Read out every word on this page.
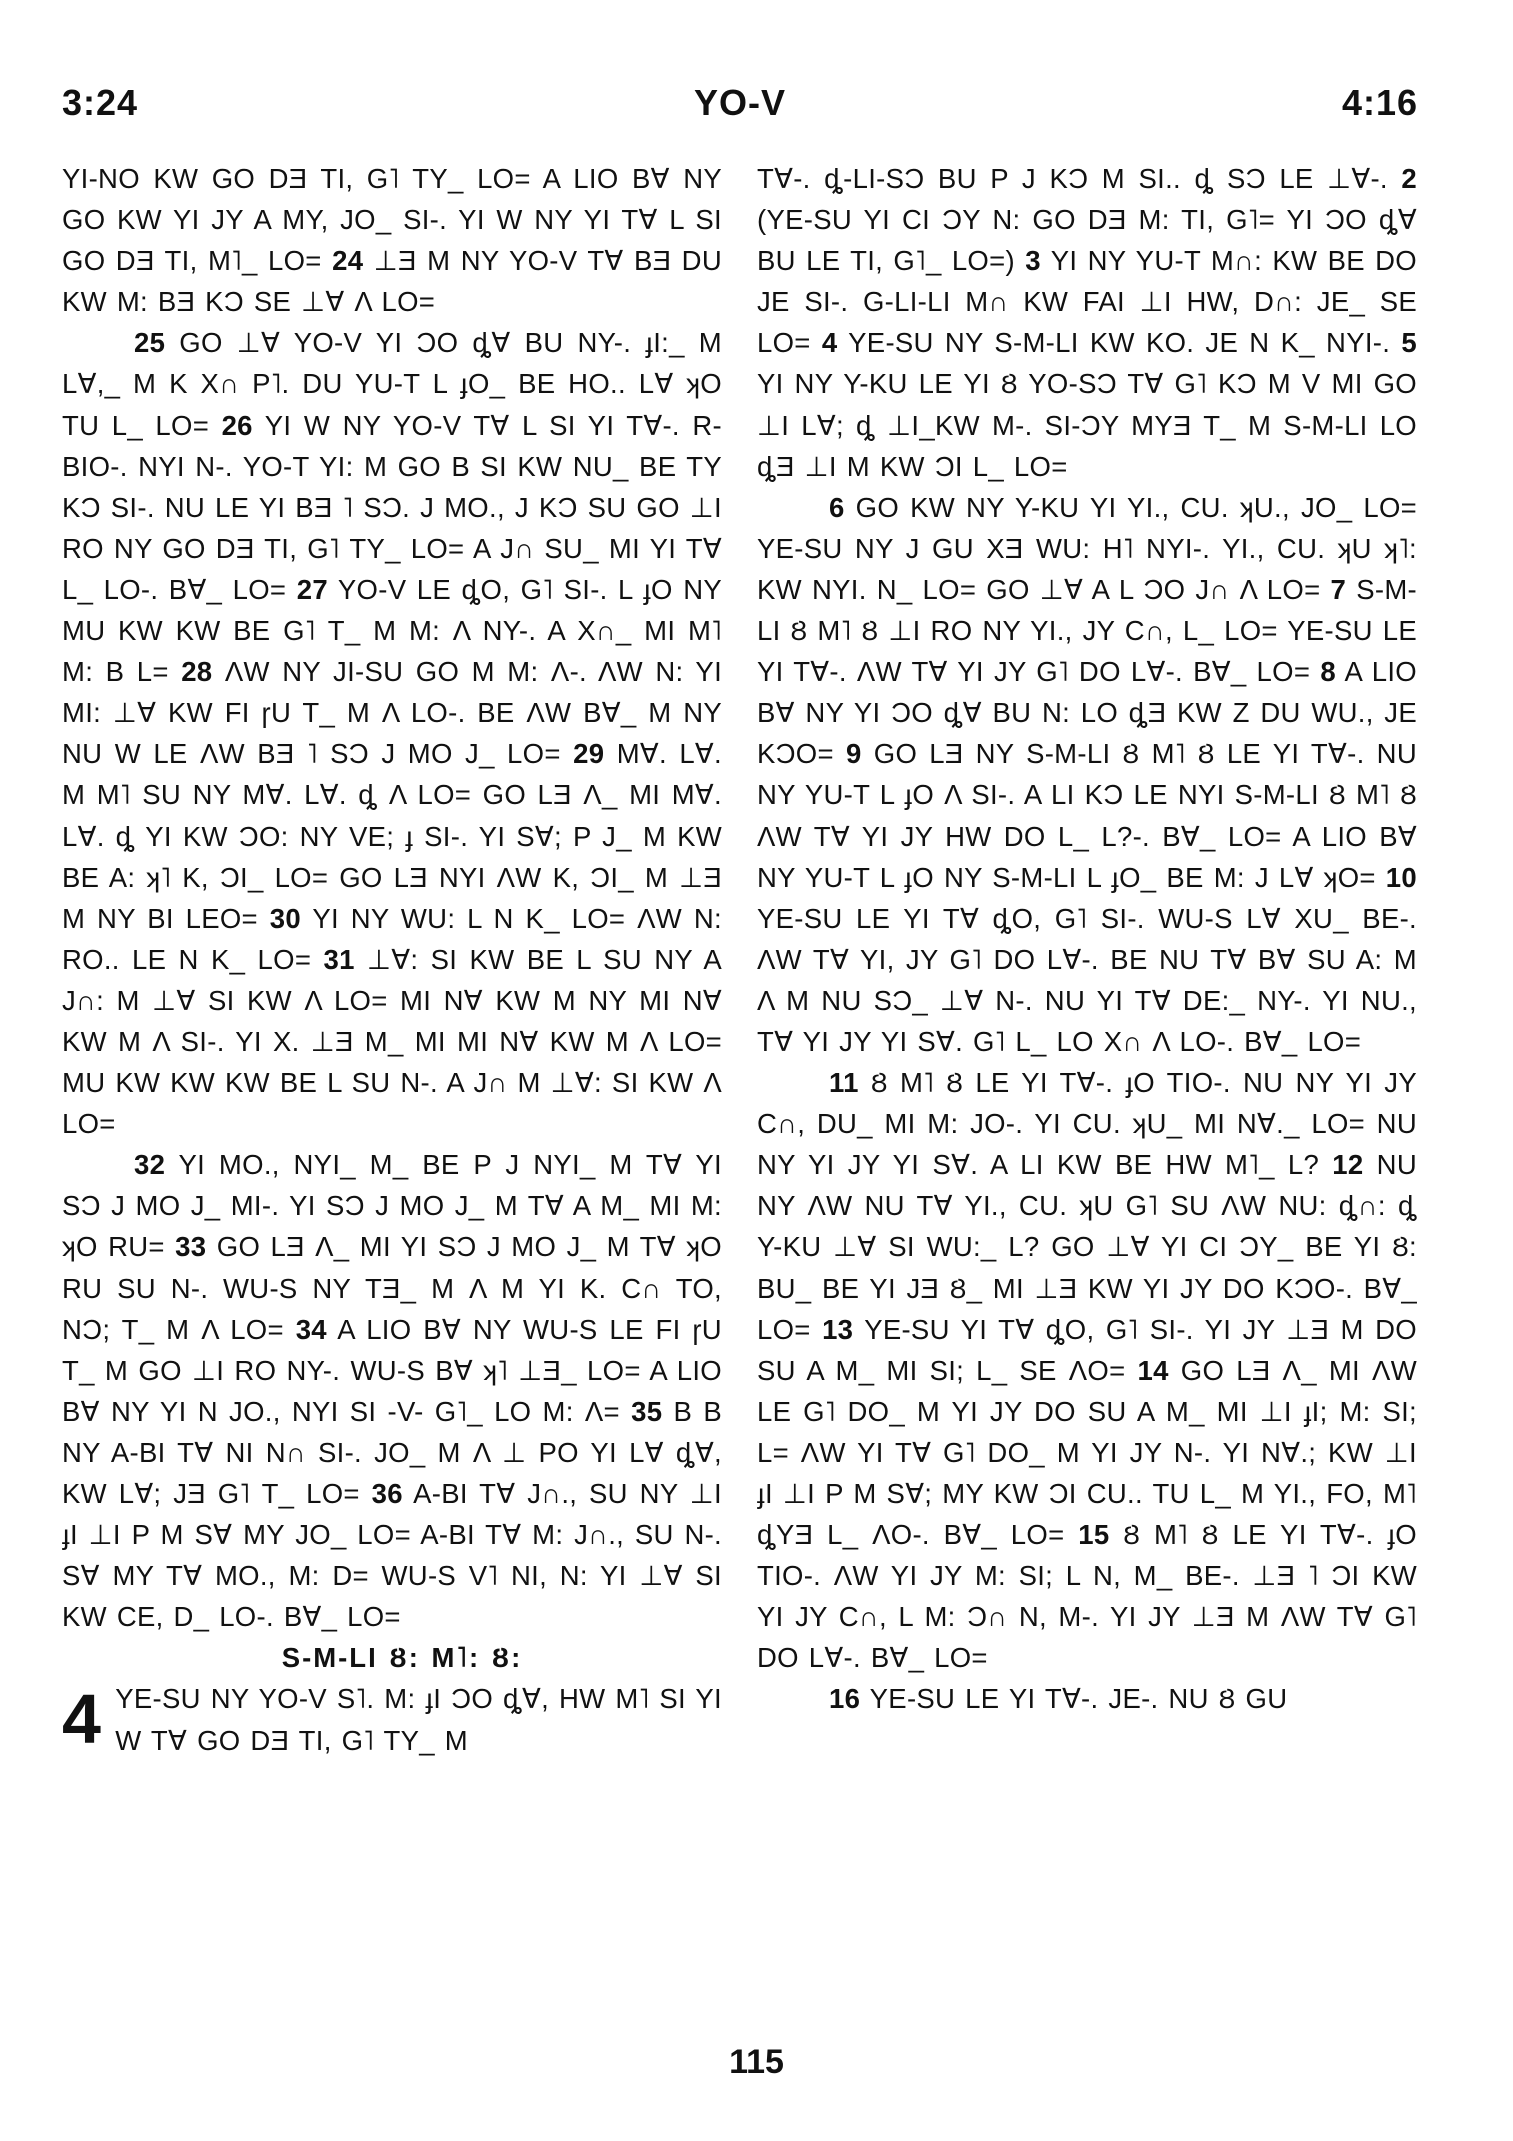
3:24	YO-V	4:16

YI-NO KW GO DƎ TI, G˥ TY_ LO= A LIO B∀ NY GO KW YI JY A MY, JO_ SI-. YI W NY YI T∀ L SI GO DƎ TI, M˥_ LO= 24 ⊥Ǝ M NY YO-V T∀ BƎ DU KW M: BƎ KƆ SE ⊥∀ Λ LO=

25 GO ⊥∀ YO-V YI ƆO ȡ∀ BU NY-. ɟI:_ M L∀,_ M K X∩ P˥. DU YU-T L ɟO_ BE HO.. L∀ ʞO TU L_ LO= 26 YI W NY YO-V T∀ L SI YI T∀-. R-BIO-. NYI N-. YO-T YI: M GO B SI KW NU_ BE TY KƆ SI-. NU LE YI BƎ ˥ SƆ. J MO., J KƆ SU GO ⊥I RO NY GO DƎ TI, G˥ TY_ LO= A J∩ SU_ MI YI T∀ L_ LO-. B∀_ LO= 27 YO-V LE ȡO, G˥ SI-. L ɟO NY MU KW KW BE G˥ T_ M M: Λ NY-. A X∩_ MI M˥ M: B L= 28 ΛW NY JI-SU GO M M: Λ-. ΛW N: YI MI: ⊥∀ KW FI ɼU T_ M Λ LO-. BE ΛW B∀_ M NY NU W LE ΛW BƎ ˥ SƆ J MO J_ LO= 29 M∀. L∀. M M˥ SU NY M∀. L∀. ȡ Λ LO= GO LƎ Λ_ MI M∀. L∀. ȡ YI KW ƆO: NY VE; ɟ SI-. YI S∀; P J_ M KW BE A: ʞ˥ K, ƆI_ LO= GO LƎ NYI ΛW K, ƆI_ M ⊥Ǝ M NY BI LEO= 30 YI NY WU: L N K_ LO= ΛW N: RO.. LE N K_ LO= 31 ⊥∀: SI KW BE L SU NY A J∩: M ⊥∀ SI KW Λ LO= MI N∀ KW M NY MI N∀ KW M Λ SI-. YI X. ⊥Ǝ M_ MI MI N∀ KW M Λ LO= MU KW KW KW BE L SU N-. A J∩ M ⊥∀: SI KW Λ LO=

32 YI MO., NYI_ M_ BE P J NYI_ M T∀ YI SƆ J MO J_ MI-. YI SƆ J MO J_ M T∀ A M_ MI M: ʞO RU= 33 GO LƎ Λ_ MI YI SƆ J MO J_ M T∀ ʞO RU SU N-. WU-S NY TƎ_ M Λ M YI K. C∩ TO, NƆ; T_ M Λ LO= 34 A LIO B∀ NY WU-S LE FI ɼU T_ M GO ⊥I RO NY-. WU-S B∀ ʞ˥ ⊥Ǝ_ LO= A LIO B∀ NY YI N JO., NYI SI -V- G˥_ LO M: Λ= 35 B B NY A-BI T∀ NI N∩ SI-. JO_ M Λ ⊥ PO YI L∀ ȡ∀, KW L∀; JƎ G˥ T_ LO= 36 A-BI T∀ J∩., SU NY ⊥I ɟI ⊥I P M S∀ MY JO_ LO= A-BI T∀ M: J∩., SU N-. S∀ MY T∀ MO., M: D= WU-S V˥ NI, N: YI ⊥∀ SI KW CE, D_ LO-. B∀_ LO=

S-M-LI Ȣ: M˥: Ȣ:

4 YE-SU NY YO-V S˥. M: ɟI ƆO ȡ∀, HW M˥ SI YI W T∀ GO DƎ TI, G˥ TY_ M

T∀-. ȡ-LI-SƆ BU P J KƆ M SI.. ȡ SƆ LE ⊥∀-. 2 (YE-SU YI CI ƆY N: GO DƎ M: TI, G˥= YI ƆO ȡ∀ BU LE TI, G˥_ LO=) 3 YI NY YU-T M∩: KW BE DO JE SI-. G-LI-LI M∩ KW FAI ⊥I HW, D∩: JE_ SE LO= 4 YE-SU NY S-M-LI KW KO. JE N K_ NYI-. 5 YI NY Y-KU LE YI Ȣ YO-SƆ T∀ G˥ KƆ M V MI GO ⊥I L∀; ȡ ⊥I_KW M-. SI-ƆY MYƎ T_ M S-M-LI LO ȡƎ ⊥I M KW ƆI L_ LO=

6 GO KW NY Y-KU YI YI., CU. ʞU., JO_ LO= YE-SU NY J GU XƎ WU: H˥ NYI-. YI., CU. ʞU ʞ˥: KW NYI. N_ LO= GO ⊥∀ A L ƆO J∩ Λ LO= 7 S-M-LI Ȣ M˥ Ȣ ⊥I RO NY YI., JY C∩, L_ LO= YE-SU LE YI T∀-. ΛW T∀ YI JY G˥ DO L∀-. B∀_ LO= 8 A LIO B∀ NY YI ƆO ȡ∀ BU N: LO ȡƎ KW Z DU WU., JE KƆO= 9 GO LƎ NY S-M-LI Ȣ M˥ Ȣ LE YI T∀-. NU NY YU-T L ɟO Λ SI-. A LI KƆ LE NYI S-M-LI Ȣ M˥ Ȣ ΛW T∀ YI JY HW DO L_ L?-. B∀_ LO= A LIO B∀ NY YU-T L ɟO NY S-M-LI L ɟO_ BE M: J L∀ ʞO= 10 YE-SU LE YI T∀ ȡO, G˥ SI-. WU-S L∀ XU_ BE-. ΛW T∀ YI, JY G˥ DO L∀-. BE NU T∀ B∀ SU A: M Λ M NU SƆ_ ⊥∀ N-. NU YI T∀ DE:_ NY-. YI NU., T∀ YI JY YI S∀. G˥ L_ LO X∩ Λ LO-. B∀_ LO=

11 Ȣ M˥ Ȣ LE YI T∀-. ɟO TIO-. NU NY YI JY C∩, DU_ MI M: JO-. YI CU. ʞU_ MI N∀._ LO= NU NY YI JY YI S∀. A LI KW BE HW M˥_ L? 12 NU NY ΛW NU T∀ YI., CU. ʞU G˥ SU ΛW NU: ȡ∩: ȡ Y-KU ⊥∀ SI WU:_ L? GO ⊥∀ YI CI ƆY_ BE YI Ȣ: BU_ BE YI JƎ Ȣ_ MI ⊥Ǝ KW YI JY DO KƆO-. B∀_ LO= 13 YE-SU YI T∀ ȡO, G˥ SI-. YI JY ⊥Ǝ M DO SU A M_ MI SI; L_ SE ΛO= 14 GO LƎ Λ_ MI ΛW LE G˥ DO_ M YI JY DO SU A M_ MI ⊥I ɟI; M: SI; L= ΛW YI T∀ G˥ DO_ M YI JY N-. YI N∀.; KW ⊥I ɟI ⊥I P M S∀; MY KW ƆI CU.. TU L_ M YI., FO, M˥ ȡYƎ L_ ΛO-. B∀_ LO= 15 Ȣ M˥ Ȣ LE YI T∀-. ɟO TIO-. ΛW YI JY M: SI; L N, M_ BE-. ⊥Ǝ ˥ ƆI KW YI JY C∩, L M: Ɔ∩ N, M-. YI JY ⊥Ǝ M ΛW T∀ G˥ DO L∀-. B∀_ LO=

16 YE-SU LE YI T∀-. JE-. NU Ȣ GU

115
